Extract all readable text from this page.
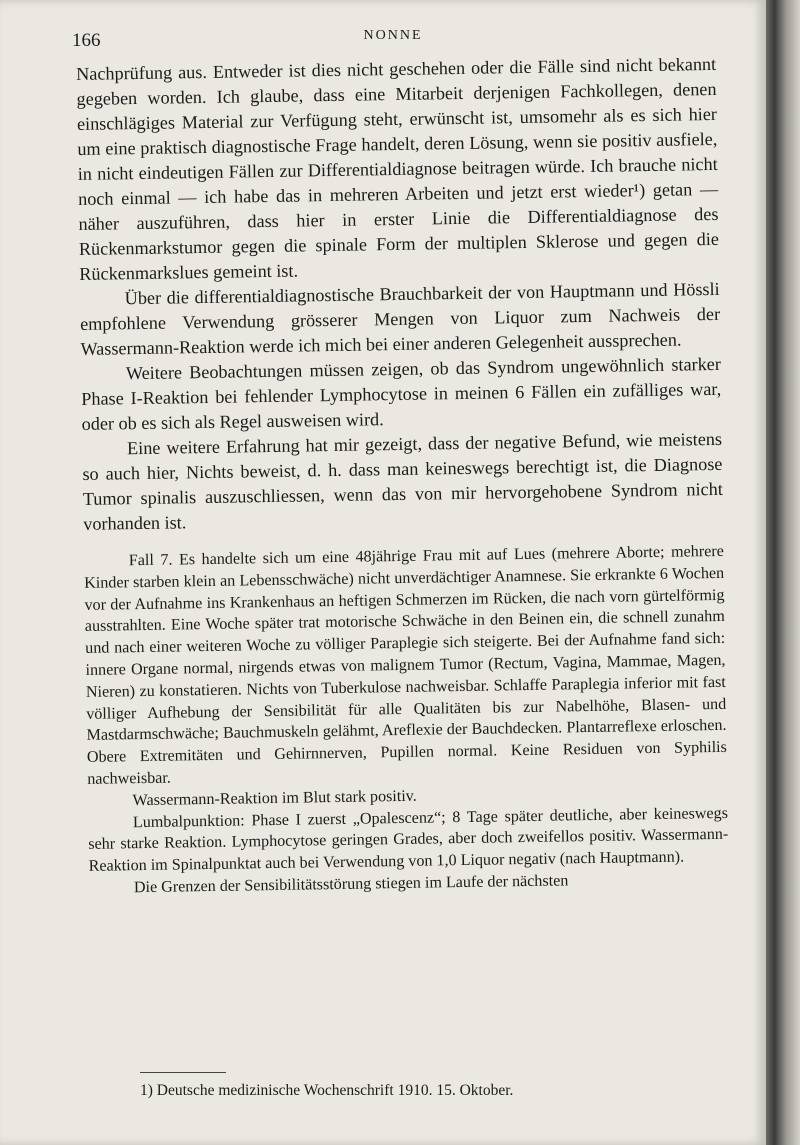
166	NONNE

Nachprüfung aus. Entweder ist dies nicht geschehen oder die Fälle sind nicht bekannt gegeben worden. Ich glaube, dass eine Mitarbeit derjenigen Fachkollegen, denen einschlägiges Material zur Verfügung steht, erwünscht ist, umsomehr als es sich hier um eine praktisch diagnostische Frage handelt, deren Lösung, wenn sie positiv ausfiele, in nicht eindeutigen Fällen zur Differentialdiagnose beitragen würde. Ich brauche nicht noch einmal — ich habe das in mehreren Arbeiten und jetzt erst wieder¹) getan — näher auszuführen, dass hier in erster Linie die Differentialdiagnose des Rückenmarkstumor gegen die spinale Form der multiplen Sklerose und gegen die Rückenmarkslues gemeint ist.

Über die differentialdiagnostische Brauchbarkeit der von Hauptmann und Hössli empfohlene Verwendung grösserer Mengen von Liquor zum Nachweis der Wassermann-Reaktion werde ich mich bei einer anderen Gelegenheit aussprechen.

Weitere Beobachtungen müssen zeigen, ob das Syndrom ungewöhnlich starker Phase I-Reaktion bei fehlender Lymphocytose in meinen 6 Fällen ein zufälliges war, oder ob es sich als Regel ausweisen wird.

Eine weitere Erfahrung hat mir gezeigt, dass der negative Befund, wie meistens so auch hier, Nichts beweist, d. h. dass man keineswegs berechtigt ist, die Diagnose Tumor spinalis auszuschliessen, wenn das von mir hervorgehobene Syndrom nicht vorhanden ist.

Fall 7. Es handelte sich um eine 48jährige Frau mit auf Lues (mehrere Aborte; mehrere Kinder starben klein an Lebensschwäche) nicht unverdächtiger Anamnese. Sie erkrankte 6 Wochen vor der Aufnahme ins Krankenhaus an heftigen Schmerzen im Rücken, die nach vorn gürtelförmig ausstrahlten. Eine Woche später trat motorische Schwäche in den Beinen ein, die schnell zunahm und nach einer weiteren Woche zu völliger Paraplegie sich steigerte. Bei der Aufnahme fand sich: innere Organe normal, nirgends etwas von malignem Tumor (Rectum, Vagina, Mammae, Magen, Nieren) zu konstatieren. Nichts von Tuberkulose nachweisbar. Schlaffe Paraplegia inferior mit fast völliger Aufhebung der Sensibilität für alle Qualitäten bis zur Nabelhöhe, Blasen- und Mastdarmschwäche; Bauchmuskeln gelähmt, Areflexie der Bauchdecken. Plantarreflexe erloschen. Obere Extremitäten und Gehirnnerven, Pupillen normal. Keine Residuen von Syphilis nachweisbar.

Wassermann-Reaktion im Blut stark positiv.

Lumbalpunktion: Phase I zuerst „Opalescenz“; 8 Tage später deutliche, aber keineswegs sehr starke Reaktion. Lymphocytose geringen Grades, aber doch zweifellos positiv. Wassermann-Reaktion im Spinalpunktat auch bei Verwendung von 1,0 Liquor negativ (nach Hauptmann).

Die Grenzen der Sensibilitätsstörung stiegen im Laufe der nächsten

1) Deutsche medizinische Wochenschrift 1910. 15. Oktober.
